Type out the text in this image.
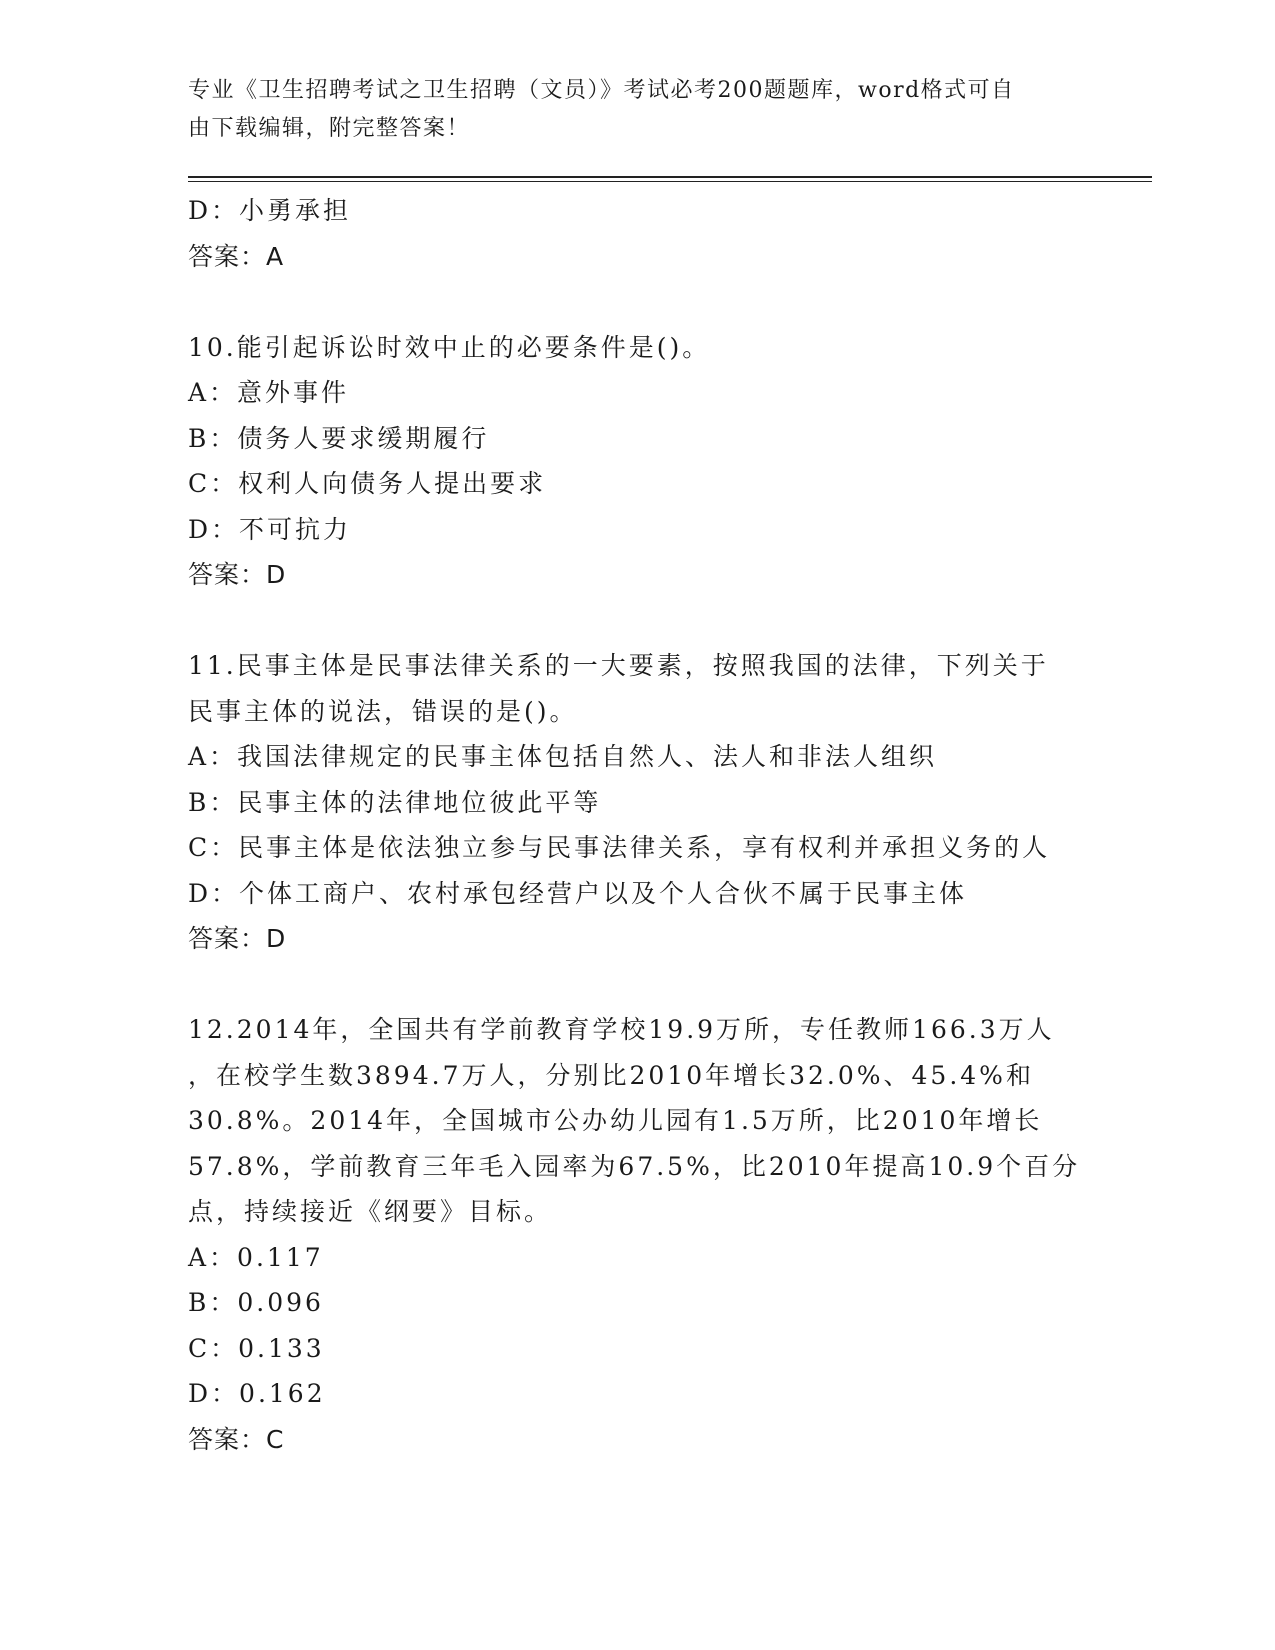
专业《卫生招聘考试之卫生招聘（文员）》考试必考200题题库，word格式可自
由下载编辑，附完整答案！
D：小勇承担
答案：A
10.能引起诉讼时效中止的必要条件是()。
A：意外事件
B：债务人要求缓期履行
C：权利人向债务人提出要求
D：不可抗力
答案：D
11.民事主体是民事法律关系的一大要素，按照我国的法律，下列关于
民事主体的说法，错误的是()。
A：我国法律规定的民事主体包括自然人、法人和非法人组织
B：民事主体的法律地位彼此平等
C：民事主体是依法独立参与民事法律关系，享有权利并承担义务的人
D：个体工商户、农村承包经营户以及个人合伙不属于民事主体
答案：D
12.2014年，全国共有学前教育学校19.9万所，专任教师166.3万人
，在校学生数3894.7万人，分别比2010年增长32.0%、45.4%和
30.8%。2014年，全国城市公办幼儿园有1.5万所，比2010年增长
57.8%，学前教育三年毛入园率为67.5%，比2010年提高10.9个百分
点，持续接近《纲要》目标。
A：0.117
B：0.096
C：0.133
D：0.162
答案：C
